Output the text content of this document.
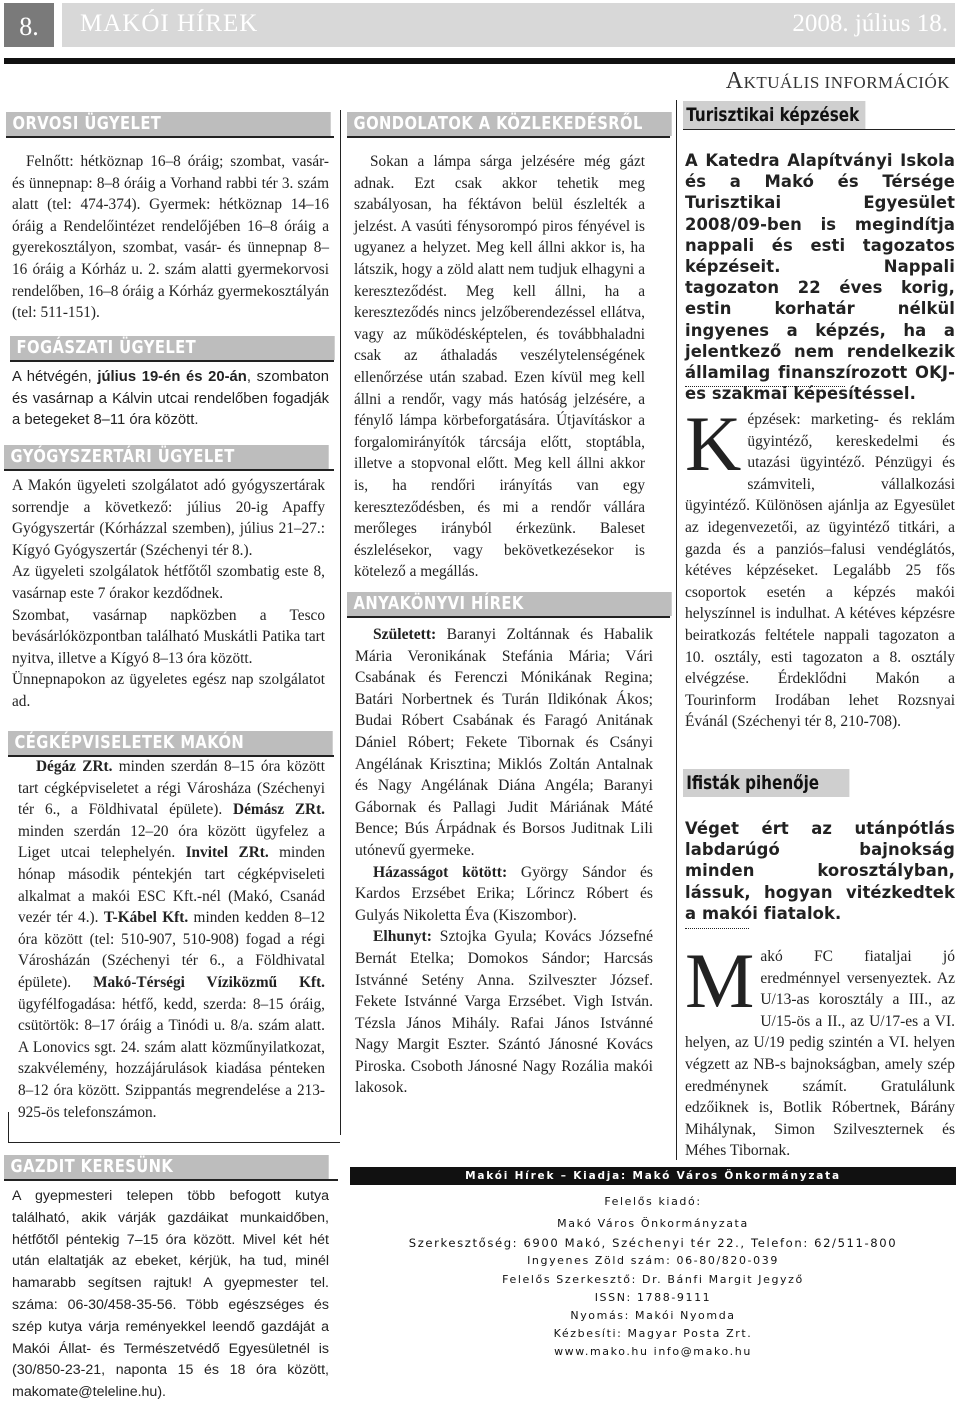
8.	MAKÓI HÍREK	2008. július 18.
AKTUÁLIS INFORMÁCIÓK
ORVOSI ÜGYELET
Felnőtt: hétköznap 16–8 óráig; szombat, vasár- és ünnepnap: 8–8 óráig a Vorhand rabbi tér 3. szám alatt (tel: 474-374). Gyermek: hétköznap 14–16 óráig a Rendelőintézet rendelőjében 16–8 óráig a gyerekosztályon, szombat, vasár- és ünnepnap 8–16 óráig a Kórház u. 2. szám alatti gyermekorvosi rendelőben, 16–8 óráig a Kórház gyermekosztályán (tel: 511-151).
FOGÁSZATI ÜGYELET
A hétvégén, július 19-én és 20-án, szombaton és vasárnap a Kálvin utcai rendelőben fogadják a betegeket 8–11 óra között.
GYÓGYSZERTÁRI ÜGYELET

A Makón ügyeleti szolgálatot adó gyógyszertárak sorrendje a következő: július 20-ig Apaffy Gyógyszertár (Kórházzal szemben), július 21–27.: Kígyó Gyógyszertár (Széchenyi tér 8.).

Az ügyeleti szolgálatok hétfőtől szombatig este 8, vasárnap este 7 órakor kezdődnek.

Szombat, vasárnap napközben a Tesco bevásárlóközpontban található Muskátli Patika tart nyitva, illetve a Kígyó 8–13 óra között.

Ünnepnapokon az ügyeletes egész nap szolgálatot ad.

CÉGKÉPVISELETEK MAKÓN
Dégáz ZRt. minden szerdán 8–15 óra között tart cégképviseletet a régi Városháza (Széchenyi tér 6., a Földhivatal épülete). Démász ZRt. minden szerdán 12–20 óra között ügyfelez a Liget utcai telephelyén. Invitel ZRt. minden hónap második péntekjén tart cégképviseleti alkalmat a makói ESC Kft.-nél (Makó, Csanád vezér tér 4.). T-Kábel Kft. minden kedden 8–12 óra között (tel: 510-907, 510-908) fogad a régi Városházán (Széchenyi tér 6., a Földhivatal épülete). Makó-Térségi Víziközmű Kft. ügyfélfogadása: hétfő, kedd, szerda: 8–15 óráig, csütörtök: 8–17 óráig a Tinódi u. 8/a. szám alatt. A Lonovics sgt. 24. szám alatt közműnyilatkozat, szakvélemény, hozzájárulások kiadása pénteken 8–12 óra között. Szippantás megrendelése a 213-925-ös telefonszámon.
GAZDIT KERESÜNK
A gyepmesteri telepen több befogott kutya található, akik várják gazdáikat munkaidőben, hétfőtől péntekig 7–15 óra között. Mivel két hét után elaltatják az ebeket, kérjük, ha tud, minél hamarabb segítsen rajtuk! A gyepmester tel. száma: 06-30/458-35-56. Több egészséges és szép kutya várja reményekkel leendő gazdáját a Makói Állat- és Természetvédő Egyesületnél is (30/850-23-21, naponta 15 és 18 óra között, makomate@teleline.hu).
GONDOLATOK A KÖZLEKEDÉSRŐL
Sokan a lámpa sárga jelzésére még gázt adnak. Ezt csak akkor tehetik meg szabályosan, ha féktávon belül észlelték a jelzést. A vasúti fénysorompó piros fényével is ugyanez a helyzet. Meg kell állni akkor is, ha látszik, hogy a zöld alatt nem tudjuk elhagyni a kereszteződést. Meg kell állni, ha a kereszteződés nincs jelzőberendezéssel ellátva, vagy az működésképtelen, és továbbhaladni csak az áthaladás veszélytelenségének ellenőrzése után szabad. Ezen kívül meg kell állni a rendőr, vagy más hatóság jelzésére, a fénylő lámpa körbeforgatására. Útjavításkor a forgalomirányítók tárcsája előtt, stoptábla, illetve a stopvonal előtt. Meg kell állni akkor is, ha rendőri irányítás van egy kereszteződésben, és mi a rendőr vállára merőleges irányból érkezünk. Baleset észlelésekor, vagy bekövetkezésekor is kötelező a megállás.
ANYAKÖNYVI HÍREK

Született: Baranyi Zoltánnak és Habalik Mária Veronikának Stefánia Mária; Vári Csabának és Ferenczi Mónikának Regina; Batári Norbertnek és Turán Ildikónak Ákos; Budai Róbert Csabának és Faragó Anitának Dániel Róbert; Fekete Tibornak és Csányi Angélának Krisztina; Miklós Zoltán Antalnak és Nagy Angélának Diána Angéla; Baranyi Gábornak és Pallagi Judit Máriának Máté Bence; Bús Árpádnak és Borsos Juditnak Lili utónevű gyermeke.

Házasságot kötött: György Sándor és Kardos Erzsébet Erika; Lőrincz Róbert és Gulyás Nikoletta Éva (Kiszombor).

Elhunyt: Sztojka Gyula; Kovács Józsefné Bernát Etelka; Domokos Sándor; Harcsás Istvánné Setény Anna. Szilveszter József. Fekete Istvánné Varga Erzsébet. Vigh István. Tézsla János Mihály. Rafai János Istvánné Nagy Margit Eszter. Szántó Jánosné Kovács Piroska. Csoboth Jánosné Nagy Rozália makói lakosok.

Turisztikai képzések
A Katedra Alapítványi Iskola és a Makó és Térsége Turisztikai Egyesület 2008/09-ben is megindítja nappali és esti tagozatos képzéseit. Nappali tagozaton 22 éves korig, estin korhatár nélkül ingyenes a képzés, ha a jelentkező nem rendelkezik államilag finanszírozott OKJ-es szakmai képesítéssel.
Képzések: marketing- és reklám ügyintéző, kereskedelmi és utazási ügyintéző. Pénzügyi és számviteli, vállalkozási ügyintéző. Különösen ajánlja az Egyesület az idegenvezetői, az ügyintéző titkári, a gazda és a panziós–falusi vendéglátós, kétéves képzéseket. Legalább 25 fős csoportok esetén a képzés makói helyszínnel is indulhat. A kétéves képzésre beiratkozás feltétele nappali tagozaton a 10. osztály, esti tagozaton a 8. osztály elvégzése. Érdeklődni Makón a Tourinform Irodában lehet Rozsnyai Évánál (Széchenyi tér 8, 210-708).
Ifisták pihenője
Véget ért az utánpótlás labdarúgó bajnokság minden korosztályban, lássuk, hogyan vitézkedtek a makói fiatalok.
Makó FC fiataljai jó eredménnyel versenyeztek. Az U/13-as korosztály a III., az U/15-ös a II., az U/17-es a VI. helyen, az U/19 pedig szintén a VI. helyen végzett az NB-s bajnokságban, amely szép eredménynek számít. Gratulálunk edzőiknek is, Botlik Róbertnek, Bárány Mihálynak, Simon Szilveszternek és Méhes Tibornak.
Makói Hírek – Kiadja: Makó Város Önkormányzata
Felelős kiadó:
Makó Város Önkormányzata
Szerkesztőség: 6900 Makó, Széchenyi tér 22., Telefon: 62/511-800
Ingyenes Zöld szám: 06-80/820-039
Felelős Szerkesztő: Dr. Bánfi Margit Jegyző
ISSN: 1788-9111
Nyomás: Makói Nyomda
Kézbesíti: Magyar Posta Zrt.
www.mako.hu info@mako.hu
